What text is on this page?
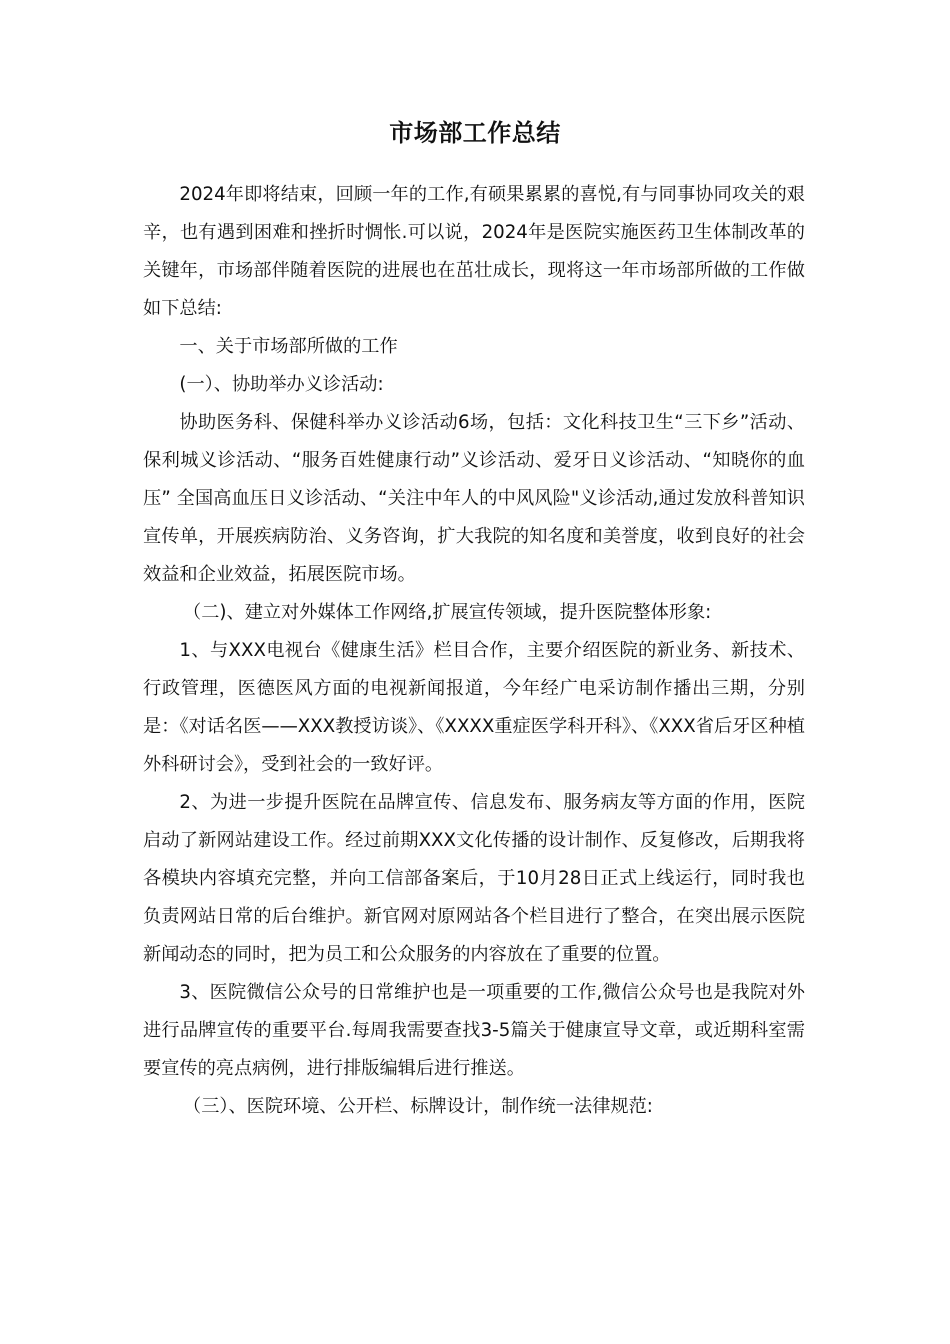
市场部工作总结

2024年即将结束，回顾一年的工作,有硕果累累的喜悦,有与同事协同攻关的艰辛，也有遇到困难和挫折时惆怅.可以说，2024年是医院实施医药卫生体制改革的关键年，市场部伴随着医院的进展也在茁壮成长，现将这一年市场部所做的工作做如下总结:

一、关于市场部所做的工作

(一）、协助举办义诊活动:

协助医务科、保健科举办义诊活动6场，包括：文化科技卫生“三下乡”活动、保利城义诊活动、“服务百姓健康行动”义诊活动、爱牙日义诊活动、“知晓你的血压” 全国高血压日义诊活动、“关注中年人的中风风险"义诊活动,通过发放科普知识宣传单，开展疾病防治、义务咨询，扩大我院的知名度和美誉度，收到良好的社会效益和企业效益，拓展医院市场。

（二)、建立对外媒体工作网络,扩展宣传领域，提升医院整体形象:

1、与XXX电视台《健康生活》栏目合作，主要介绍医院的新业务、新技术、行政管理，医德医风方面的电视新闻报道，今年经广电采访制作播出三期，分别是：《对话名医——XXX教授访谈》、《XXXX重症医学科开科》、《XXX省后牙区种植外科研讨会》，受到社会的一致好评。

2、为进一步提升医院在品牌宣传、信息发布、服务病友等方面的作用，医院启动了新网站建设工作。经过前期XXX文化传播的设计制作、反复修改，后期我将各模块内容填充完整，并向工信部备案后，于10月28日正式上线运行，同时我也负责网站日常的后台维护。新官网对原网站各个栏目进行了整合，在突出展示医院新闻动态的同时，把为员工和公众服务的内容放在了重要的位置。

3、医院微信公众号的日常维护也是一项重要的工作,微信公众号也是我院对外进行品牌宣传的重要平台.每周我需要查找3-5篇关于健康宣导文章，或近期科室需要宣传的亮点病例，进行排版编辑后进行推送。

（三）、医院环境、公开栏、标牌设计，制作统一法律规范:
